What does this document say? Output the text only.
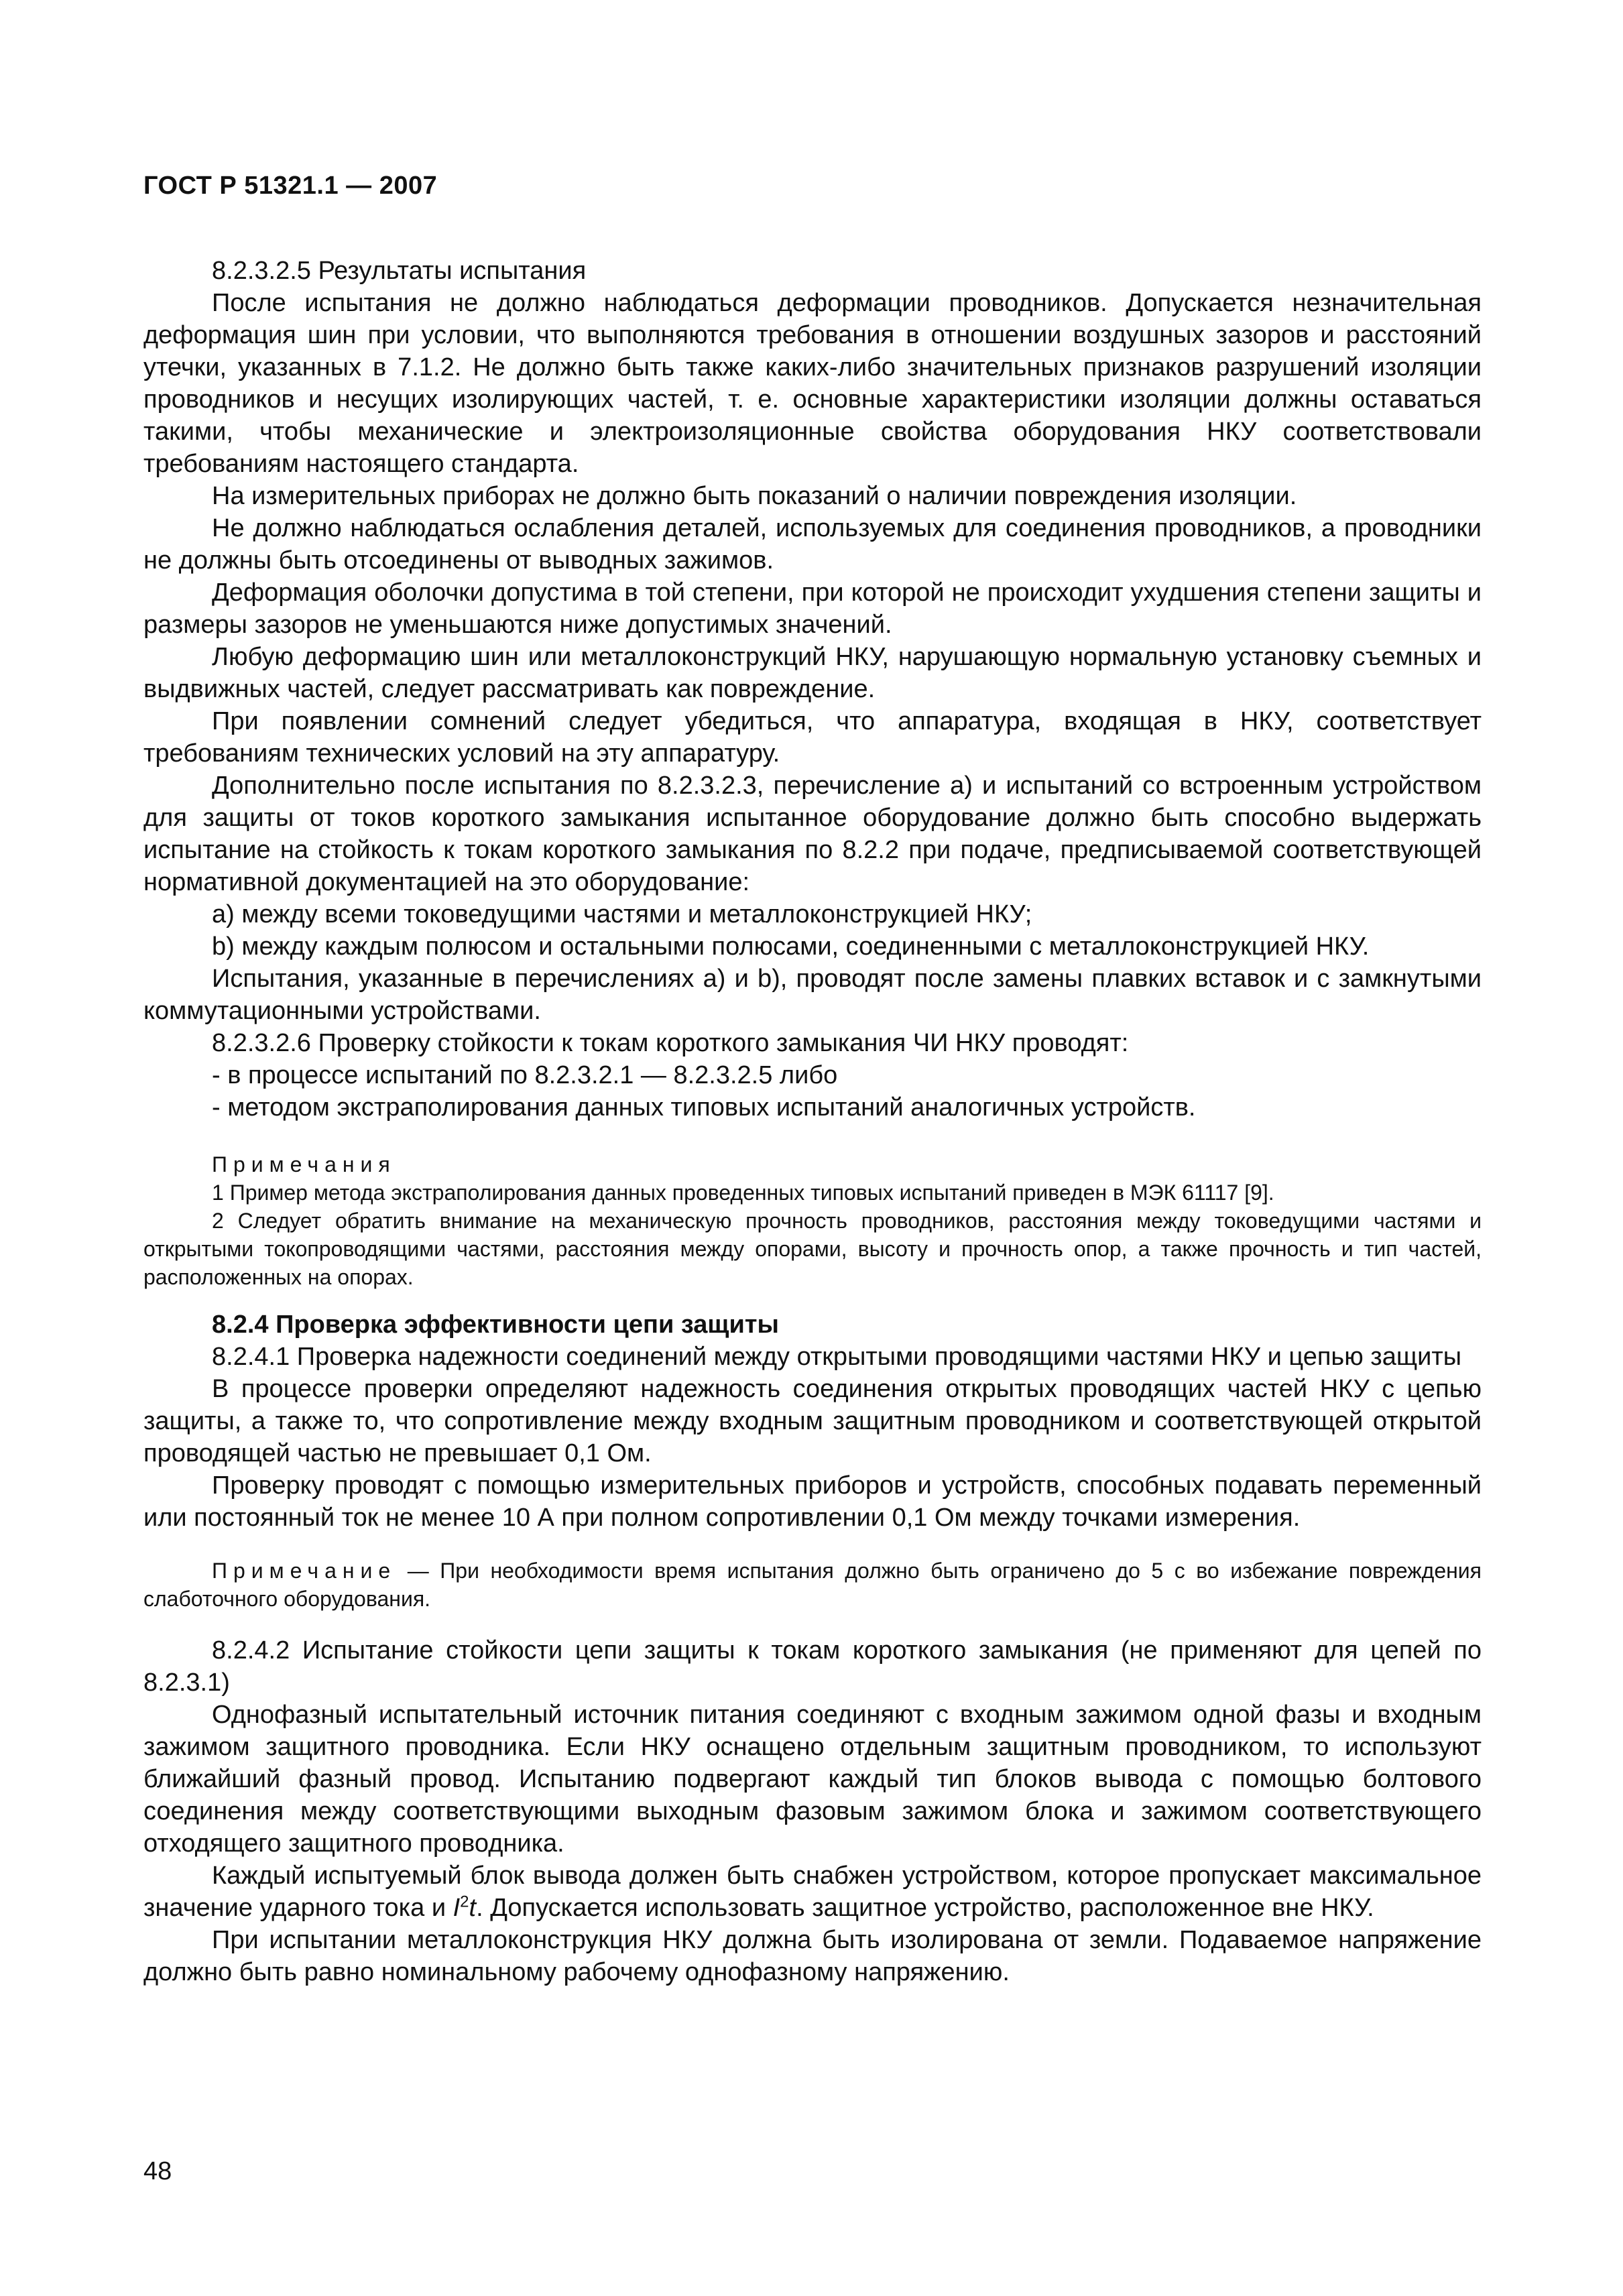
ГОСТ Р 51321.1 — 2007

8.2.3.2.5 Результаты испытания

После испытания не должно наблюдаться деформации проводников. Допускается незначительная деформация шин при условии, что выполняются требования в отношении воздушных зазоров и расстояний утечки, указанных в 7.1.2. Не должно быть также каких-либо значительных признаков разрушений изоляции проводников и несущих изолирующих частей, т. е. основные характеристики изоляции должны оставаться такими, чтобы механические и электроизоляционные свойства оборудования НКУ соответствовали требованиям настоящего стандарта.

На измерительных приборах не должно быть показаний о наличии повреждения изоляции.

Не должно наблюдаться ослабления деталей, используемых для соединения проводников, а проводники не должны быть отсоединены от выводных зажимов.

Деформация оболочки допустима в той степени, при которой не происходит ухудшения степени защиты и размеры зазоров не уменьшаются ниже допустимых значений.

Любую деформацию шин или металлоконструкций НКУ, нарушающую нормальную установку съемных и выдвижных частей, следует рассматривать как повреждение.

При появлении сомнений следует убедиться, что аппаратура, входящая в НКУ, соответствует требованиям технических условий на эту аппаратуру.

Дополнительно после испытания по 8.2.3.2.3, перечисление а) и испытаний со встроенным устройством для защиты от токов короткого замыкания испытанное оборудование должно быть способно выдержать испытание на стойкость к токам короткого замыкания по 8.2.2 при подаче, предписываемой соответствующей нормативной документацией на это оборудование:

а) между всеми токоведущими частями и металлоконструкцией НКУ;

b) между каждым полюсом и остальными полюсами, соединенными с металлоконструкцией НКУ.

Испытания, указанные в перечислениях а) и b), проводят после замены плавких вставок и с замкнутыми коммутационными устройствами.

8.2.3.2.6 Проверку стойкости к токам короткого замыкания ЧИ НКУ проводят:

- в процессе испытаний по 8.2.3.2.1 — 8.2.3.2.5 либо

- методом экстраполирования данных типовых испытаний аналогичных устройств.

Примечания

1 Пример метода экстраполирования данных проведенных типовых испытаний приведен в МЭК 61117 [9].

2 Следует обратить внимание на механическую прочность проводников, расстояния между токоведущими частями и открытыми токопроводящими частями, расстояния между опорами, высоту и прочность опор, а также прочность и тип частей, расположенных на опорах.

8.2.4 Проверка эффективности цепи защиты

8.2.4.1 Проверка надежности соединений между открытыми проводящими частями НКУ и цепью защиты

В процессе проверки определяют надежность соединения открытых проводящих частей НКУ с цепью защиты, а также то, что сопротивление между входным защитным проводником и соответствующей открытой проводящей частью не превышает 0,1 Ом.

Проверку проводят с помощью измерительных приборов и устройств, способных подавать переменный или постоянный ток не менее 10 А при полном сопротивлении 0,1 Ом между точками измерения.

Примечание — При необходимости время испытания должно быть ограничено до 5 с во избежание повреждения слаботочного оборудования.

8.2.4.2 Испытание стойкости цепи защиты к токам короткого замыкания (не применяют для цепей по 8.2.3.1)

Однофазный испытательный источник питания соединяют с входным зажимом одной фазы и входным зажимом защитного проводника. Если НКУ оснащено отдельным защитным проводником, то используют ближайший фазный провод. Испытанию подвергают каждый тип блоков вывода с помощью болтового соединения между соответствующими выходным фазовым зажимом блока и зажимом соответствующего отходящего защитного проводника.

Каждый испытуемый блок вывода должен быть снабжен устройством, которое пропускает максимальное значение ударного тока и $I^2t$. Допускается использовать защитное устройство, расположенное вне НКУ.

При испытании металлоконструкция НКУ должна быть изолирована от земли. Подаваемое напряжение должно быть равно номинальному рабочему однофазному напряжению.

48
